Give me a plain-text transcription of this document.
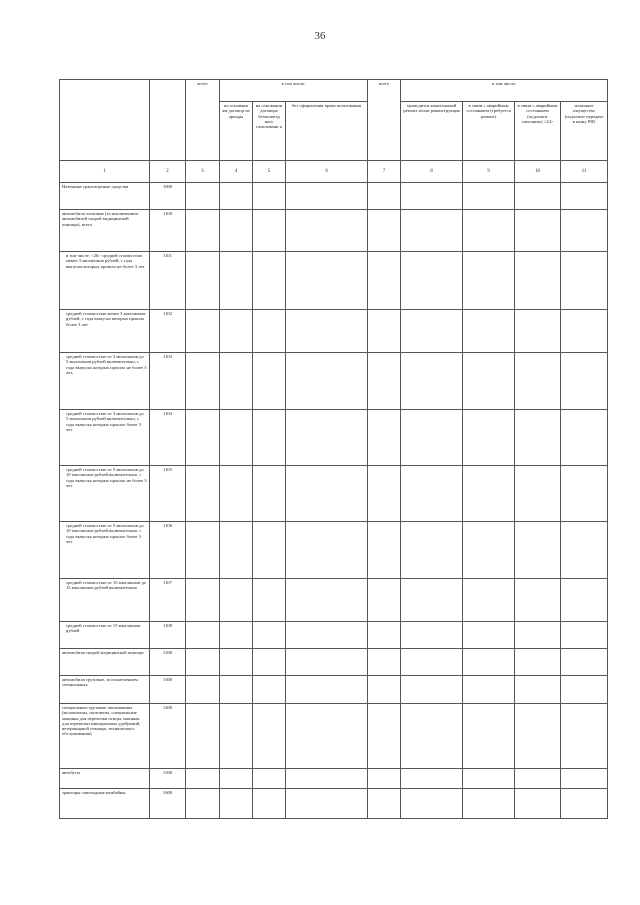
36
		всего	в том числе:			всего	в том числе:			
			на основани ям договор ов аренды	на основании договора безвозмезд ного пользовани я	без оформления права пользования		проводится капитальный ремонт и/или реконструкция	в связи с аварийным состоянием (требуется ремонт)	в связи с аварийным состоянием (подлежит списанию) <24>	излишнее имущество (подлежит передаче в казну РФ)
1	2	3	4	5	6	7	8	9	10	11
Наземные транспортные средства	1000									
автомобили легковые (за исключением автомобилей скорой медицинской помощи), всего	1100									

в том числе: <26> средней стоимостью менее 3 миллионов рублей, с года выпуска которых прошло не более 3 лет	1101									

средней стоимостью менее 3 миллионов рублей, с года выпуска которых прошло более 3 лет	1102									

средней стоимостью от 3 миллионов до 5 миллионов рублей включительно, с года выпуска которых прошло не более 3 лет,	1103									

средней стоимостью от 3 миллионов до 5 миллионов рублей включительно, с года выпуска которых прошло более 3 лет	1104									

средней стоимостью от 5 миллионов до 10 миллионов рублей включительно, с года выпуска которых прошло не более 3 лет	1105									

средней стоимостью от 5 миллионов до 10 миллионов рублей включительно, с года выпуска которых прошло более 3 лет	1106									

средней стоимостью от 10 миллионов до 15 миллионов рублей включительно	1107									

средней стоимостью от 15 миллионов рублей	1108									
автомобили скорой медицинской помощи	1200									
автомобили грузовые, за исключением специальных	1300									
специальные грузовые автомашины (молоковозы, скотовозы, специальные машины для перевозки птицы, машины для перевозки минеральных удобрений, ветеринарной помощи, технического обслуживания)	1400									
автобусы	1500									
тракторы самоходные комбайны	1600									
